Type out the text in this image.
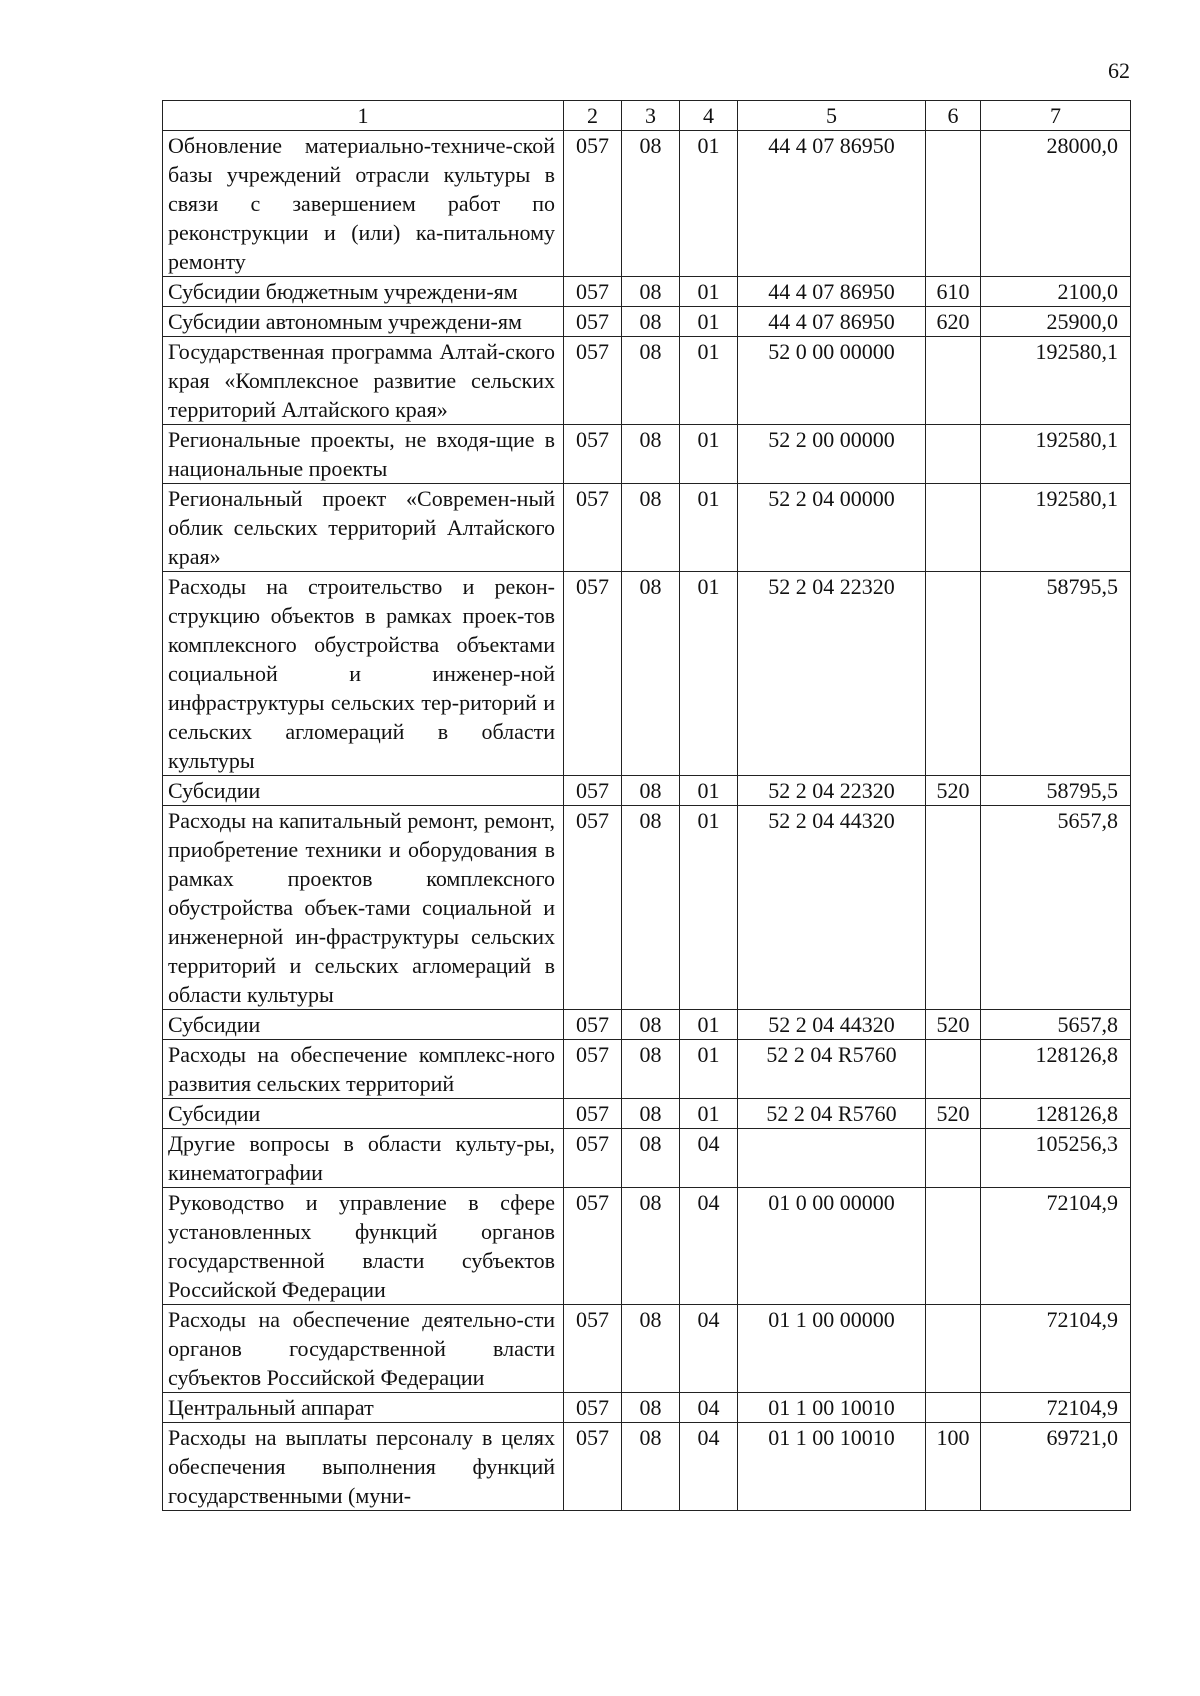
62
1	2	3	4	5	6	7
Обновление материально-техниче-ской базы учреждений отрасли культуры в связи с завершением работ по реконструкции и (или) ка-питальному ремонту	057	08	01	44 4 07 86950		28000,0
Субсидии бюджетным учреждени-ям	057	08	01	44 4 07 86950	610	2100,0
Субсидии автономным учреждени-ям	057	08	01	44 4 07 86950	620	25900,0
Государственная программа Алтай-ского края «Комплексное развитие сельских территорий Алтайского края»	057	08	01	52 0 00 00000		192580,1
Региональные проекты, не входя-щие в национальные проекты	057	08	01	52 2 00 00000		192580,1
Региональный проект «Современ-ный облик сельских территорий Алтайского края»	057	08	01	52 2 04 00000		192580,1
Расходы на строительство и рекон-струкцию объектов в рамках проек-тов комплексного обустройства объектами социальной и инженер-ной инфраструктуры сельских тер-риторий и сельских агломераций в области культуры	057	08	01	52 2 04 22320		58795,5
Субсидии	057	08	01	52 2 04 22320	520	58795,5
Расходы на капитальный ремонт, ремонт, приобретение техники и оборудования в рамках проектов комплексного обустройства объек-тами социальной и инженерной ин-фраструктуры сельских территорий и сельских агломераций в области культуры	057	08	01	52 2 04 44320		5657,8
Субсидии	057	08	01	52 2 04 44320	520	5657,8
Расходы на обеспечение комплекс-ного развития сельских территорий	057	08	01	52 2 04 R5760		128126,8
Субсидии	057	08	01	52 2 04 R5760	520	128126,8
Другие вопросы в области культу-ры, кинематографии	057	08	04			105256,3
Руководство и управление в сфере установленных функций органов государственной власти субъектов Российской Федерации	057	08	04	01 0 00 00000		72104,9
Расходы на обеспечение деятельно-сти органов государственной власти субъектов Российской Федерации	057	08	04	01 1 00 00000		72104,9
Центральный аппарат	057	08	04	01 1 00 10010		72104,9
Расходы на выплаты персоналу в целях обеспечения выполнения функций государственными (муни-	057	08	04	01 1 00 10010	100	69721,0
